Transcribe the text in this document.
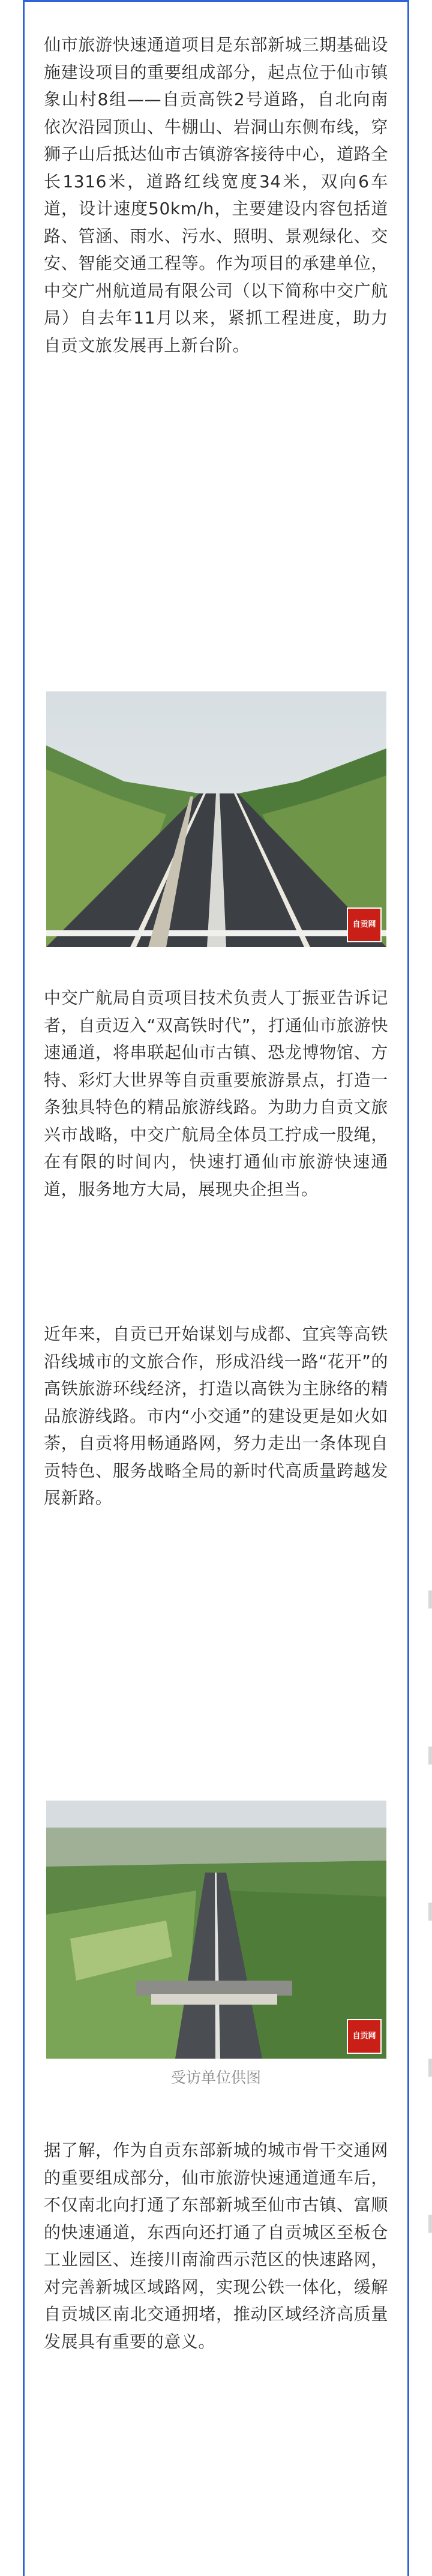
仙市旅游快速通道项目是东部新城三期基础设施建设项目的重要组成部分，起点位于仙市镇象山村8组——自贡高铁2号道路，自北向南依次沿园顶山、牛棚山、岩洞山东侧布线，穿狮子山后抵达仙市古镇游客接待中心，道路全长1316米，道路红线宽度34米，双向6车道，设计速度50km/h，主要建设内容包括道路、管涵、雨水、污水、照明、景观绿化、交安、智能交通工程等。作为项目的承建单位，中交广州航道局有限公司（以下简称中交广航局）自去年11月以来，紧抓工程进度，助力自贡文旅发展再上新台阶。

自贡网

中交广航局自贡项目技术负责人丁振亚告诉记者，自贡迈入“双高铁时代”，打通仙市旅游快速通道，将串联起仙市古镇、恐龙博物馆、方特、彩灯大世界等自贡重要旅游景点，打造一条独具特色的精品旅游线路。为助力自贡文旅兴市战略，中交广航局全体员工拧成一股绳，在有限的时间内，快速打通仙市旅游快速通道，服务地方大局，展现央企担当。

近年来，自贡已开始谋划与成都、宜宾等高铁沿线城市的文旅合作，形成沿线一路“花开”的高铁旅游环线经济，打造以高铁为主脉络的精品旅游线路。市内“小交通”的建设更是如火如荼，自贡将用畅通路网，努力走出一条体现自贡特色、服务战略全局的新时代高质量跨越发展新路。

自贡网
受访单位供图

据了解，作为自贡东部新城的城市骨干交通网的重要组成部分，仙市旅游快速通道通车后，不仅南北向打通了东部新城至仙市古镇、富顺的快速通道，东西向还打通了自贡城区至板仓工业园区、连接川南渝西示范区的快速路网，对完善新城区域路网，实现公铁一体化，缓解自贡城区南北交通拥堵，推动区域经济高质量发展具有重要的意义。
